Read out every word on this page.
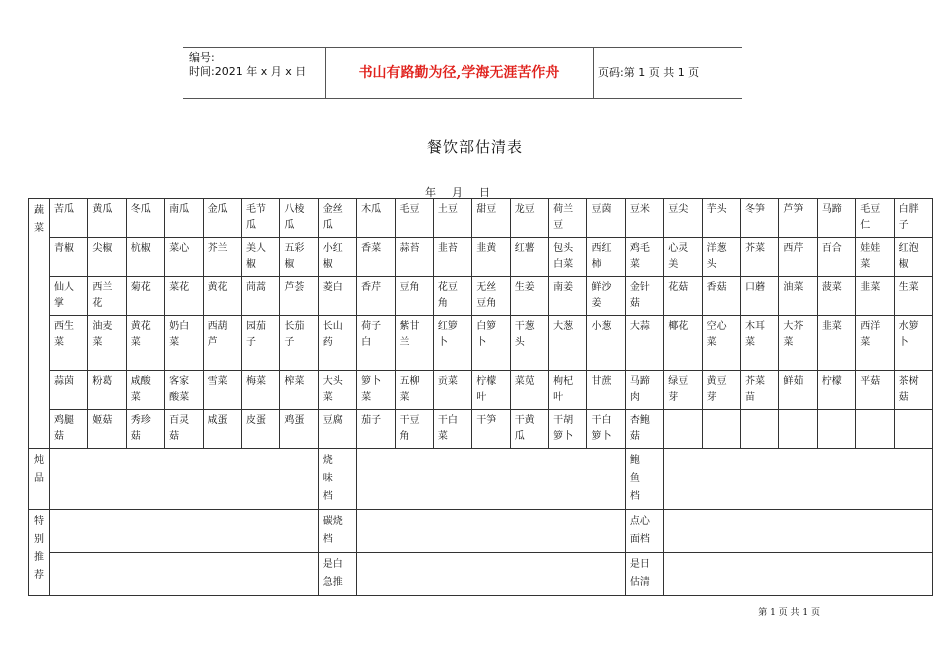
编号:
时间:2021 年 x 月 x 日	书山有路勤为径,学海无涯苦作舟	页码:第 1 页 共 1 页
餐饮部估清表
年月日
蔬菜	苦瓜	黄瓜	冬瓜	南瓜	金瓜	毛节瓜	八棱瓜	金丝瓜	木瓜	毛豆	土豆	甜豆	龙豆	荷兰豆	豆茵	豆米	豆尖	芋头	冬笋	芦笋	马蹄	毛豆仁	白胖子
	青椒	尖椒	杭椒	菜心	芥兰	美人椒	五彩椒	小红椒	香菜	蒜苔	韭苔	韭黄	红薯	包头白菜	西红柿	鸡毛菜	心灵美	洋葱头	芥菜	西芹	百合	娃娃菜	红泡椒
	仙人掌	西兰花	菊花	菜花	黄花	茼蒿	芦荟	菱白	香芹	豆角	花豆角	无丝豆角	生姜	南姜	鲜沙姜	金针菇	花菇	香菇	口蘑	油菜	菠菜	韭菜	生菜
	西生菜	油麦菜	黄花菜	奶白菜	西葫芦	园茄子	长茄子	长山药	荷子白	紫甘兰	红箩卜	白箩卜	干葱头	大葱	小葱	大蒜	椰花	空心菜	木耳菜	大芥菜	韭菜	西洋菜	水箩卜
	蒜茵	粉葛	咸酸菜	客家酸菜	雪菜	梅菜	榨菜	大头菜	箩卜菜	五柳菜	贡菜	柠檬叶	菜苋	枸杞叶	甘蔗	马蹄肉	绿豆芽	黄豆芽	芥菜苗	鲜茹	柠檬	平菇	茶树菇
	鸡腿菇	姬菇	秀珍菇	百灵菇	咸蛋	皮蛋	鸡蛋	豆腐	茄子	干豆角	干白菜	干笋	干黄瓜	干胡箩卜	干白箩卜	杏鲍菇							
炖品								烧味档								鲍鱼档							
特别推荐								碳烧档								点心面档							
								是白急推								是日估清							
第 1 页 共 1 页
